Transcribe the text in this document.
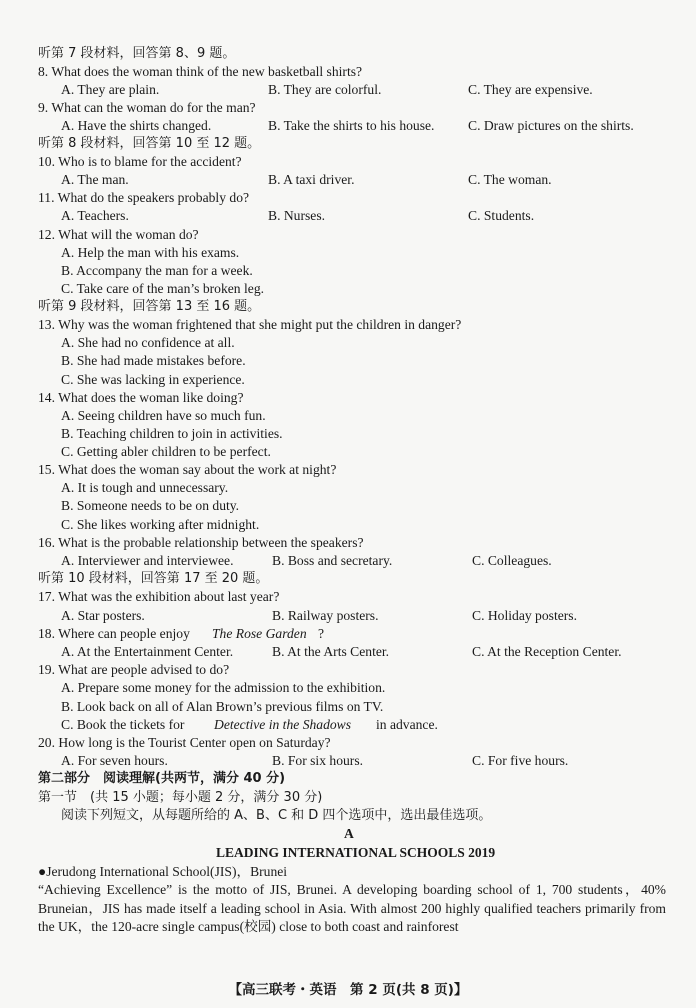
听第 7 段材料，回答第 8、9 题。
8. What does the woman think of the new basketball shirts?
A. They are plain.	B. They are colorful.	C. They are expensive.
9. What can the woman do for the man?
A. Have the shirts changed.	B. Take the shirts to his house. C. Draw pictures on the shirts.
听第 8 段材料，回答第 10 至 12 题。
10. Who is to blame for the accident?
A. The man.	B. A taxi driver.	C. The woman.
11. What do the speakers probably do?
A. Teachers.	B. Nurses.	C. Students.
12. What will the woman do?
A. Help the man with his exams.
B. Accompany the man for a week.
C. Take care of the man’s broken leg.
听第 9 段材料，回答第 13 至 16 题。
13. Why was the woman frightened that she might put the children in danger?
A. She had no confidence at all.
B. She had made mistakes before.
C. She was lacking in experience.
14. What does the woman like doing?
A. Seeing children have so much fun.
B. Teaching children to join in activities.
C. Getting abler children to be perfect.
15. What does the woman say about the work at night?
A. It is tough and unnecessary.
B. Someone needs to be on duty.
C. She likes working after midnight.
16. What is the probable relationship between the speakers?
A. Interviewer and interviewee.	B. Boss and secretary.	C. Colleagues.
听第 10 段材料，回答第 17 至 20 题。
17. What was the exhibition about last year?
A. Star posters.	B. Railway posters.	C. Holiday posters.
18. Where can people enjoy The Rose Garden ?
A. At the Entertainment Center.	B. At the Arts Center.	C. At the Reception Center.
19. What are people advised to do?
A. Prepare some money for the admission to the exhibition.
B. Look back on all of Alan Brown’s previous films on TV.
C. Book the tickets for Detective in the Shadows in advance.
20. How long is the Tourist Center open on Saturday?
A. For seven hours.	B. For six hours.	C. For five hours.
第二部分　阅读理解(共两节，满分 40 分)
第一节　(共 15 小题；每小题 2 分，满分 30 分)
阅读下列短文，从每题所给的 A、B、C 和 D 四个选项中，选出最佳选项。
A
LEADING INTERNATIONAL SCHOOLS 2019
●Jerudong International School(JIS)，Brunei
“Achieving Excellence” is the motto of JIS, Brunei. A developing boarding school of 1, 700 students，40% Bruneian，JIS has made itself a leading school in Asia. With almost 200 highly qualified teachers primarily from the UK，the 120-acre single campus(校园) close to both coast and rainforest
【高三联考・英语　第 2 页(共 8 页)】
